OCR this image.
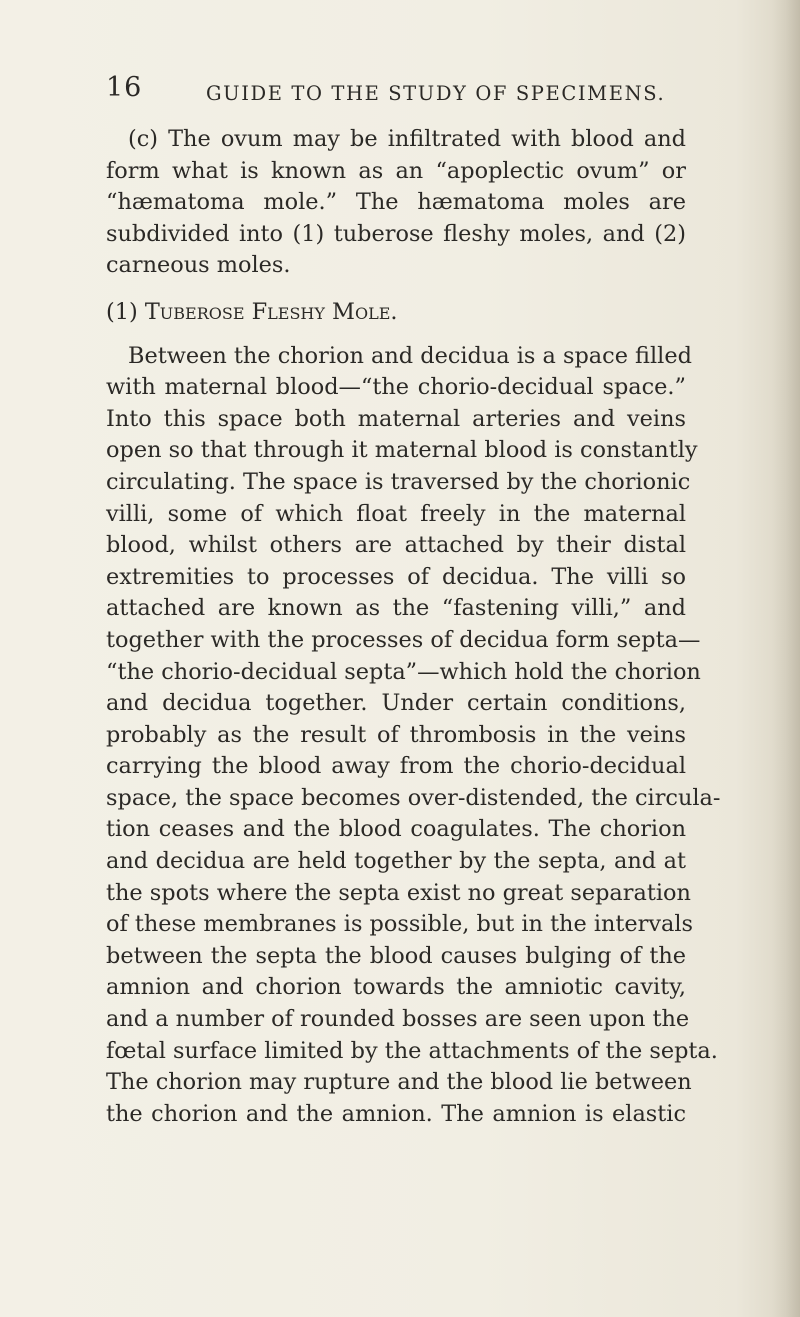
16	GUIDE TO THE STUDY OF SPECIMENS.

(c) The ovum may be infiltrated with blood and
form what is known as an “apoplectic ovum” or
“hæmatoma mole.” The hæmatoma moles are
subdivided into (1) tuberose fleshy moles, and (2)
carneous moles.

(1) Tuberose Fleshy Mole.

Between the chorion and decidua is a space filled
with maternal blood—“the chorio-decidual space.”
Into this space both maternal arteries and veins
open so that through it maternal blood is constantly
circulating. The space is traversed by the chorionic
villi, some of which float freely in the maternal
blood, whilst others are attached by their distal
extremities to processes of decidua. The villi so
attached are known as the “fastening villi,” and
together with the processes of decidua form septa—
“the chorio-decidual septa”—which hold the chorion
and decidua together. Under certain conditions,
probably as the result of thrombosis in the veins
carrying the blood away from the chorio-decidual
space, the space becomes over-distended, the circula-
tion ceases and the blood coagulates. The chorion
and decidua are held together by the septa, and at
the spots where the septa exist no great separation
of these membranes is possible, but in the intervals
between the septa the blood causes bulging of the
amnion and chorion towards the amniotic cavity,
and a number of rounded bosses are seen upon the
fœtal surface limited by the attachments of the septa.
The chorion may rupture and the blood lie between
the chorion and the amnion. The amnion is elastic
